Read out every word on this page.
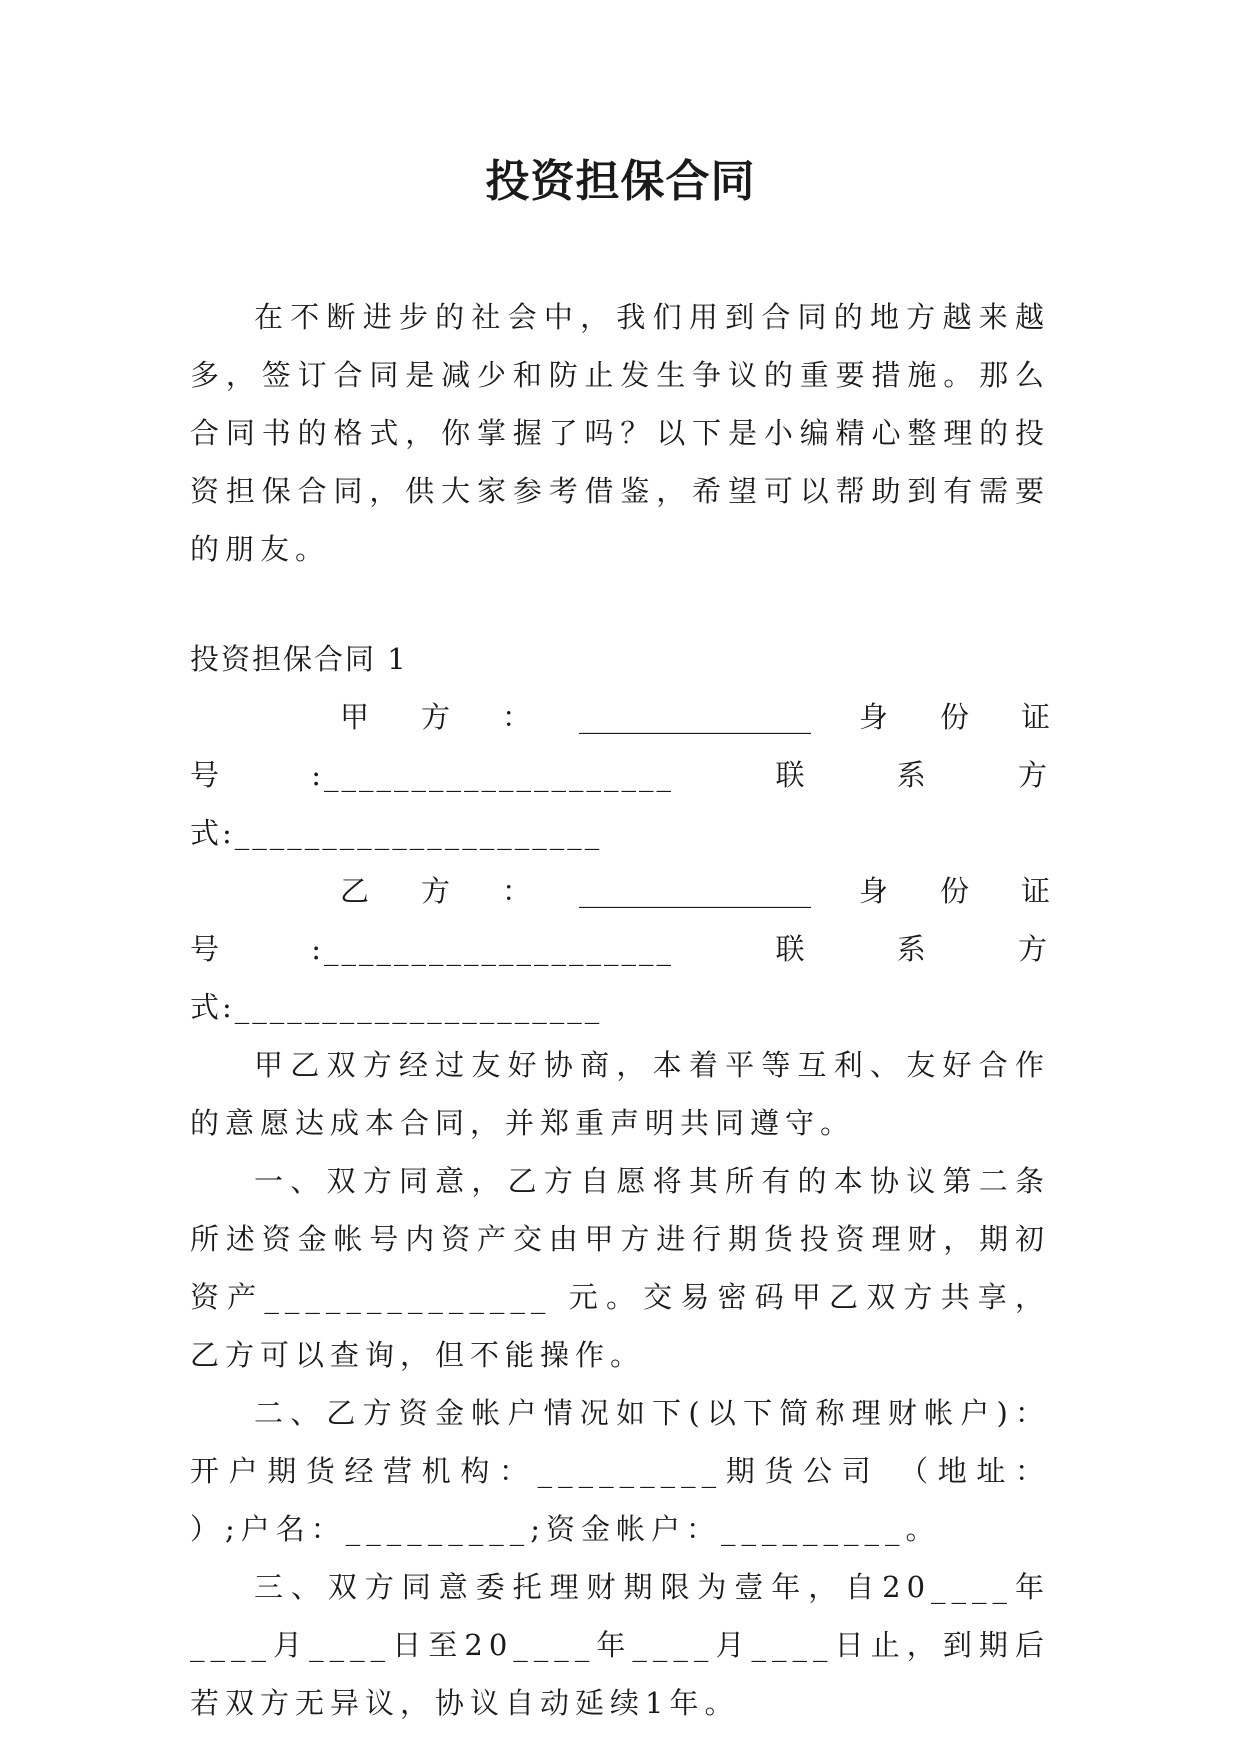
投资担保合同

在不断进步的社会中，我们用到合同的地方越来越多，签订合同是减少和防止发生争议的重要措施。那么合同书的格式，你掌握了吗？以下是小编精心整理的投资担保合同，供大家参考借鉴，希望可以帮助到有需要的朋友。

投资担保合同 1

甲 方 ： ________________ 身 份 证

号:____________________ 联系方式:_____________________

乙 方 ： ________________ 身 份 证

号:____________________ 联系方式:_____________________

甲乙双方经过友好协商，本着平等互利、友好合作的意愿达成本合同，并郑重声明共同遵守。

一、双方同意，乙方自愿将其所有的本协议第二条所述资金帐号内资产交由甲方进行期货投资理财，期初资产______________ 元。交易密码甲乙双方共享，乙方可以查询，但不能操作。

二、乙方资金帐户情况如下(以下简称理财帐户)：开户期货经营机构：_________期货公司 （地址： ）;户名：_________;资金帐户：_________。

三、双方同意委托理财期限为壹年，自20____年____月____日至20____年____月____日止，到期后若双方无异议，协议自动延续1年。
